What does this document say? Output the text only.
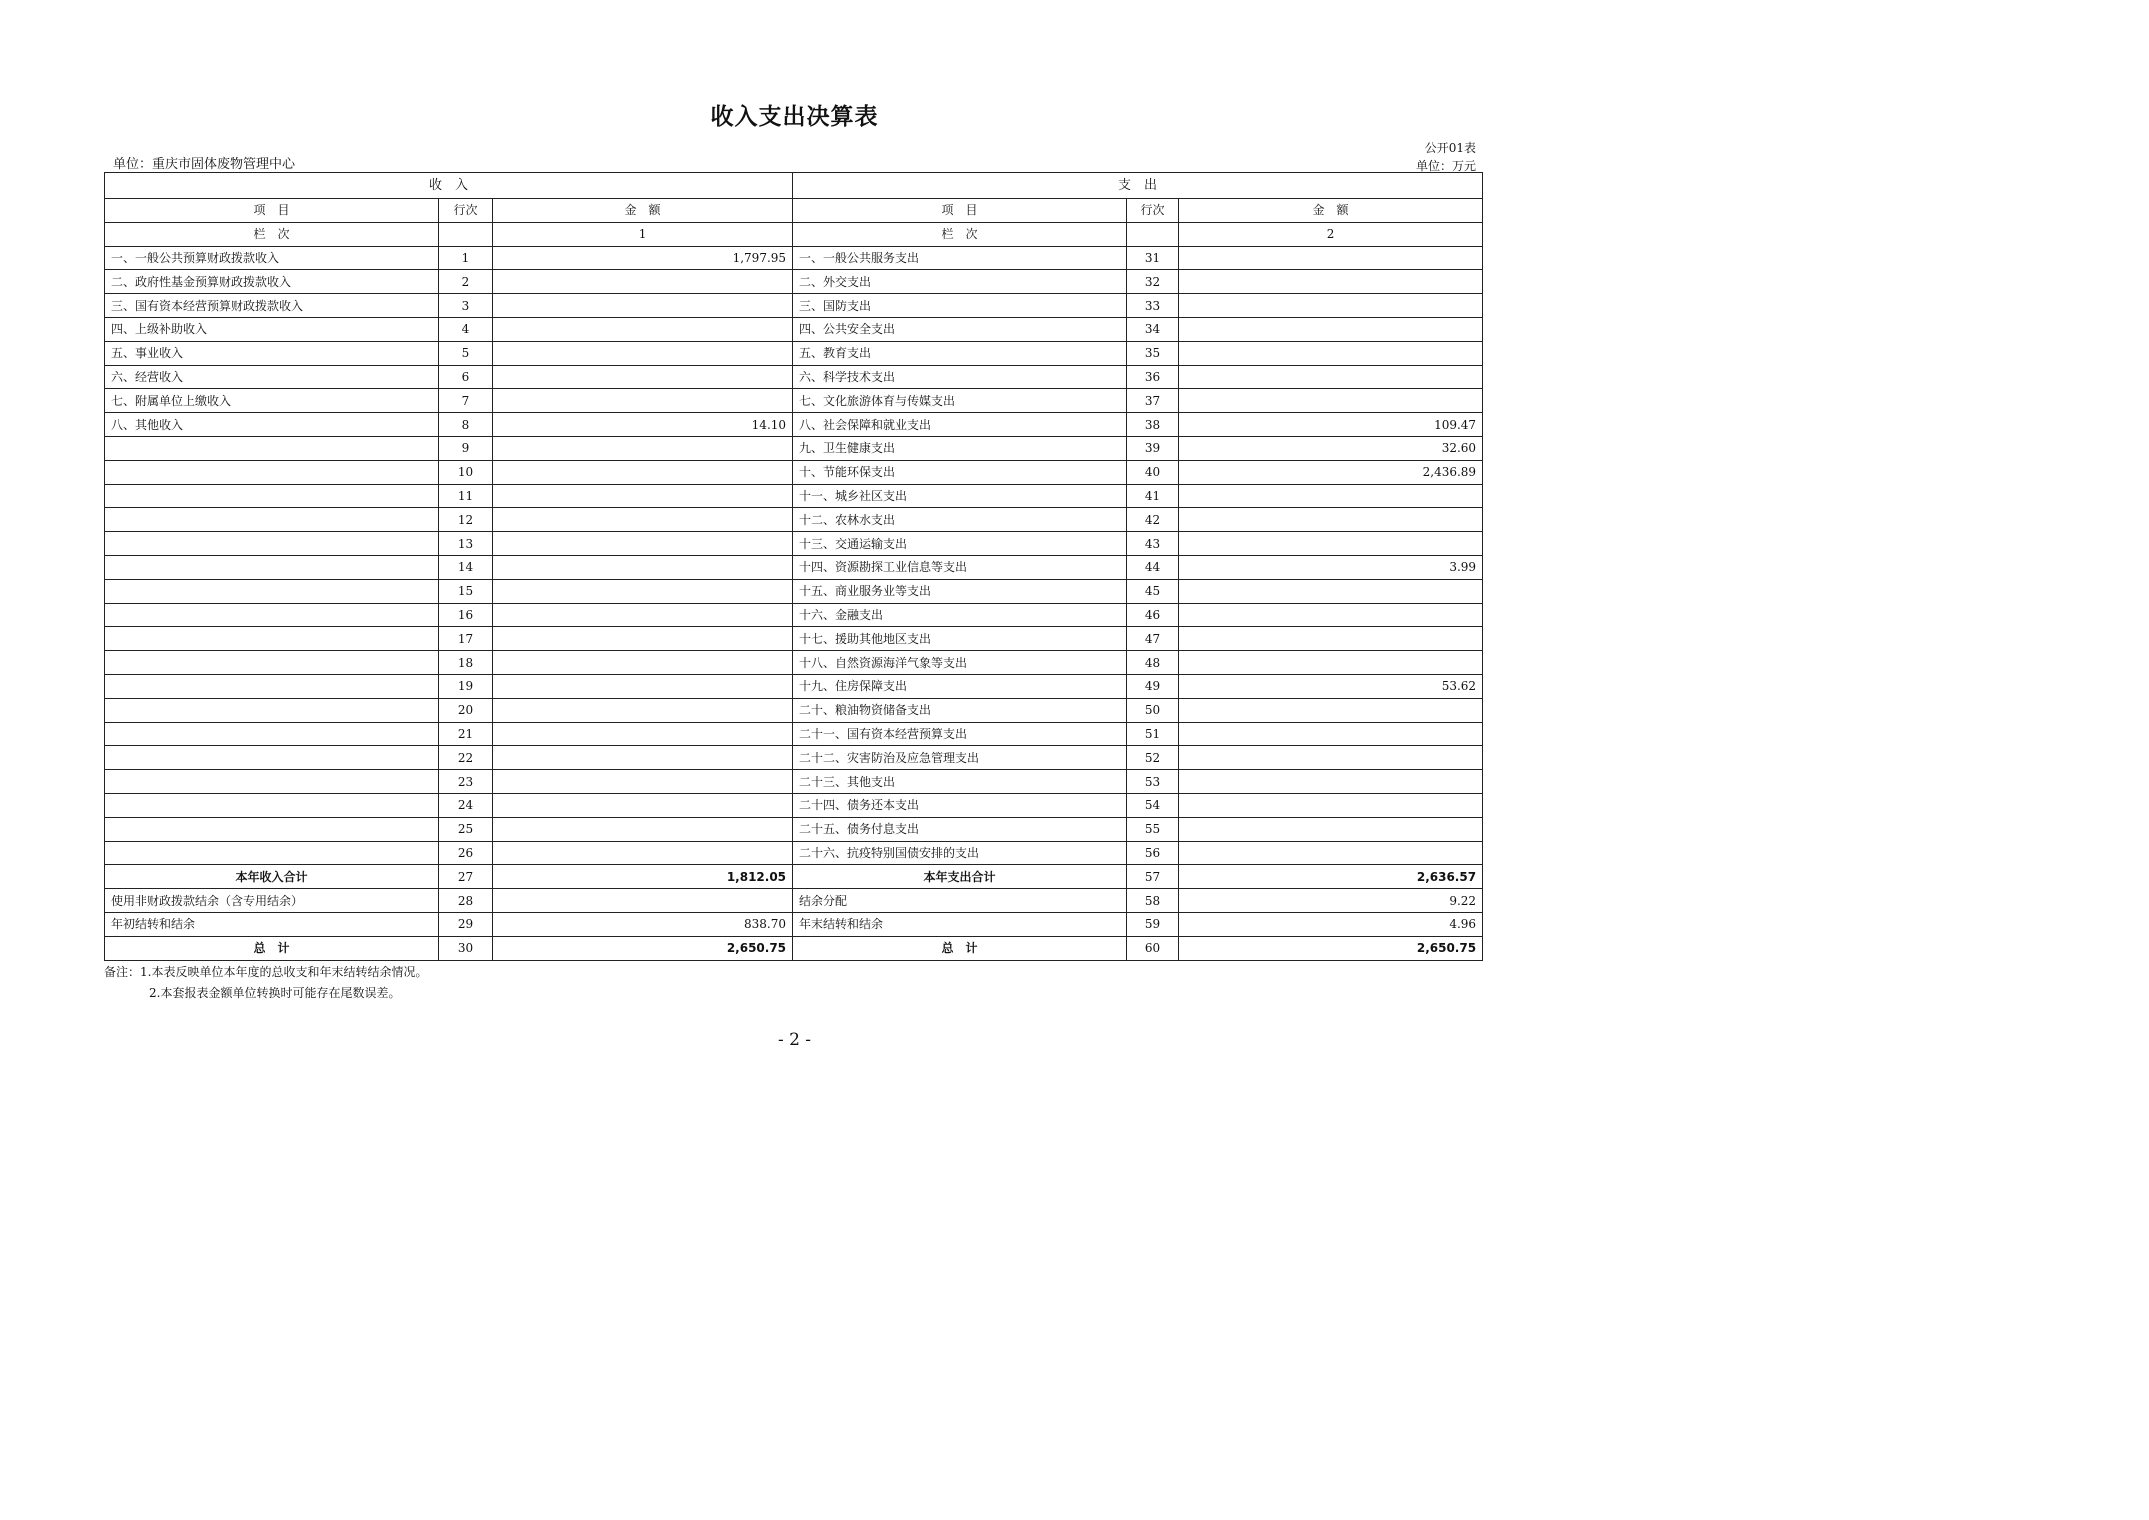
收入支出决算表
公开01表
单位：万元
单位：重庆市固体废物管理中心
收　入			支　出		
项　目	行次	金　额	项　目	行次	金　额
栏　次		1	栏　次		2
一、一般公共预算财政拨款收入	1	1,797.95	一、一般公共服务支出	31	
二、政府性基金预算财政拨款收入	2		二、外交支出	32	
三、国有资本经营预算财政拨款收入	3		三、国防支出	33	
四、上级补助收入	4		四、公共安全支出	34	
五、事业收入	5		五、教育支出	35	
六、经营收入	6		六、科学技术支出	36	
七、附属单位上缴收入	7		七、文化旅游体育与传媒支出	37	
八、其他收入	8	14.10	八、社会保障和就业支出	38	109.47
	9		九、卫生健康支出	39	32.60
	10		十、节能环保支出	40	2,436.89
	11		十一、城乡社区支出	41	
	12		十二、农林水支出	42	
	13		十三、交通运输支出	43	
	14		十四、资源勘探工业信息等支出	44	3.99
	15		十五、商业服务业等支出	45	
	16		十六、金融支出	46	
	17		十七、援助其他地区支出	47	
	18		十八、自然资源海洋气象等支出	48	
	19		十九、住房保障支出	49	53.62
	20		二十、粮油物资储备支出	50	
	21		二十一、国有资本经营预算支出	51	
	22		二十二、灾害防治及应急管理支出	52	
	23		二十三、其他支出	53	
	24		二十四、债务还本支出	54	
	25		二十五、债务付息支出	55	
	26		二十六、抗疫特别国债安排的支出	56	
本年收入合计	27	1,812.05	本年支出合计	57	2,636.57
使用非财政拨款结余（含专用结余）	28		结余分配	58	9.22
年初结转和结余	29	838.70	年末结转和结余	59	4.96
总　计	30	2,650.75	总　计	60	2,650.75
备注：1.本表反映单位本年度的总收支和年末结转结余情况。
2.本套报表金额单位转换时可能存在尾数误差。
- 2 -
